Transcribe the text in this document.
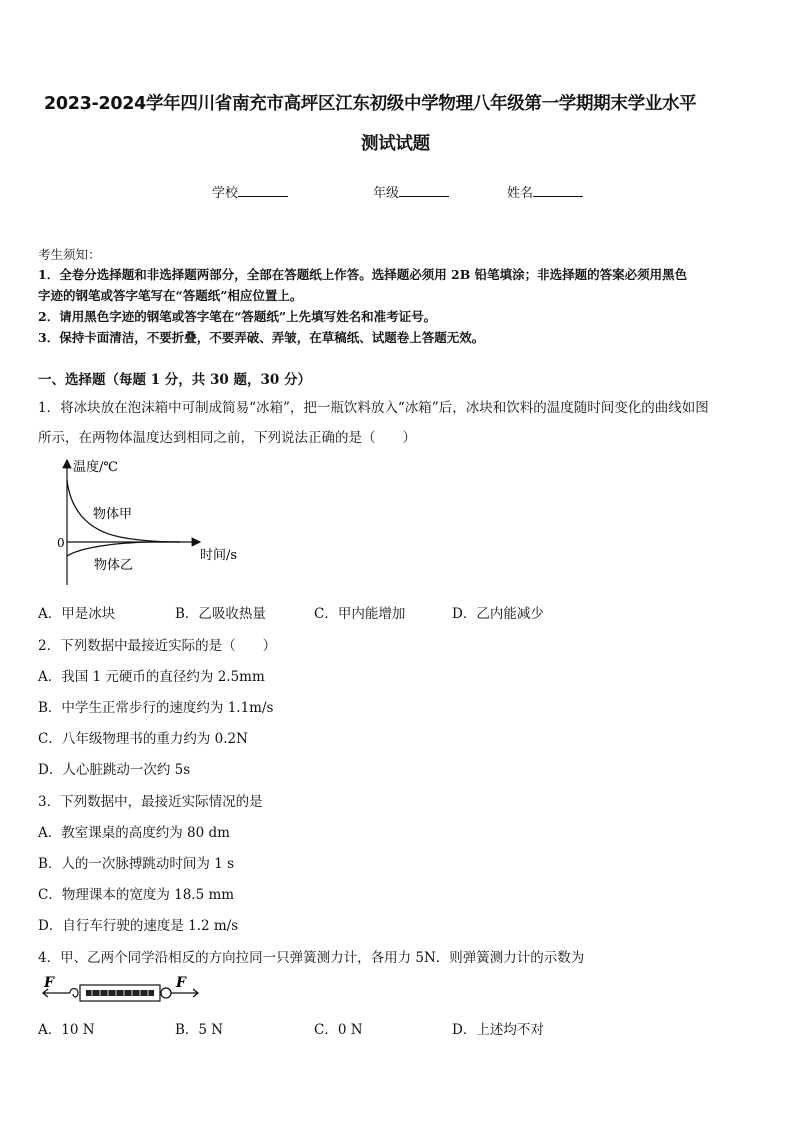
2023-2024学年四川省南充市高坪区江东初级中学物理八年级第一学期期末学业水平
测试试题
学校	年级	姓名
考生须知：
1．全卷分选择题和非选择题两部分，全部在答题纸上作答。选择题必须用 2B 铅笔填涂；非选择题的答案必须用黑色
字迹的钢笔或答字笔写在“答题纸”相应位置上。
2．请用黑色字迹的钢笔或答字笔在“答题纸”上先填写姓名和准考证号。
3．保持卡面清洁，不要折叠，不要弄破、弄皱，在草稿纸、试题卷上答题无效。
一、选择题（每题 1 分，共 30 题，30 分）
1．将冰块放在泡沫箱中可制成简易“冰箱”，把一瓶饮料放入“冰箱”后，冰块和饮料的温度随时间变化的曲线如图
所示，在两物体温度达到相同之前，下列说法正确的是（　　）
温度/℃
0
时间/s
物体甲
物体乙
A．甲是冰块	B．乙吸收热量	C．甲内能增加	D．乙内能减少
2．下列数据中最接近实际的是（　　）
A．我国 1 元硬币的直径约为 2.5mm
B．中学生正常步行的速度约为 1.1m/s
C．八年级物理书的重力约为 0.2N
D．人心脏跳动一次约 5s
3．下列数据中，最接近实际情况的是
A．教室课桌的高度约为 80 dm
B．人的一次脉搏跳动时间为 1 s
C．物理课本的宽度为 18.5 mm
D．自行车行驶的速度是 1.2 m/s
4．甲、乙两个同学沿相反的方向拉同一只弹簧测力计，各用力 5N．则弹簧测力计的示数为
F	F
A．10 N	B．5 N	C．0 N	D．上述均不对
